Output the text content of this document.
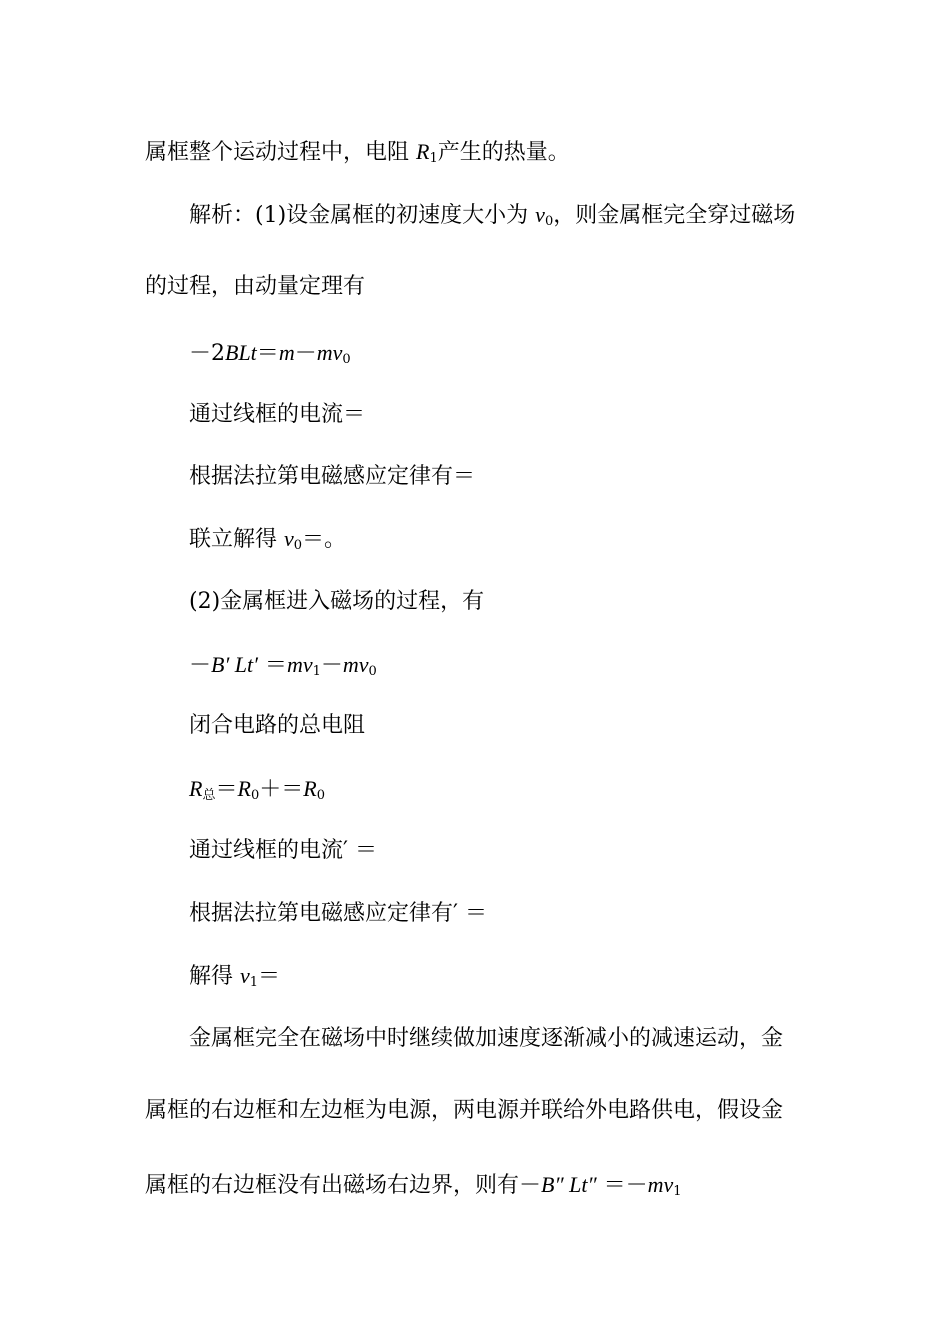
属框整个运动过程中，电阻 $R_1$产生的热量。
解析：(1)设金属框的初速度大小为 $v_0$，则金属框完全穿过磁场
的过程，由动量定理有
$-2BLt=m-mv_0$
通过线框的电流＝
根据法拉第电磁感应定律有＝
联立解得 $v_0=$。
(2)金属框进入磁场的过程，有
－B′ $Lt' =mv_1-mv_0$
闭合电路的总电阻
$R_总=R_0+=R_0$
通过线框的电流′ ＝
根据法拉第电磁感应定律有′ ＝
解得 $v_1=$
金属框完全在磁场中时继续做加速度逐渐减小的减速运动，金
属框的右边框和左边框为电源，两电源并联给外电路供电，假设金
属框的右边框没有出磁场右边界，则有－B″ $Lt'' =-mv_1$
